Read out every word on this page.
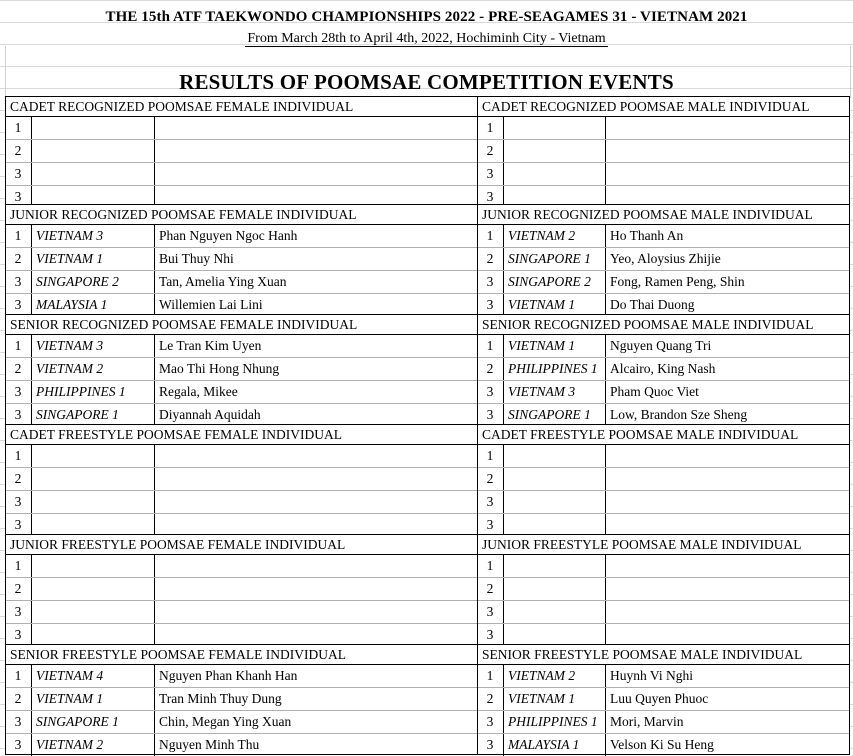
THE 15th ATF TAEKWONDO CHAMPIONSHIPS 2022 - PRE-SEAGAMES 31 - VIETNAM 2021
From March 28th to April 4th, 2022, Hochiminh City - Vietnam
RESULTS OF POOMSAE COMPETITION EVENTS
CADET RECOGNIZED POOMSAE FEMALE INDIVIDUAL
1
2
3
3
CADET RECOGNIZED POOMSAE MALE INDIVIDUAL
1
2
3
3
JUNIOR RECOGNIZED POOMSAE FEMALE INDIVIDUAL
1	VIETNAM 3	Phan Nguyen Ngoc Hanh
2	VIETNAM 1	Bui Thuy Nhi
3	SINGAPORE 2	Tan, Amelia Ying Xuan
3	MALAYSIA 1	Willemien Lai Lini
JUNIOR RECOGNIZED POOMSAE MALE INDIVIDUAL
1	VIETNAM 2	Ho Thanh An
2	SINGAPORE 1	Yeo, Aloysius Zhijie
3	SINGAPORE 2	Fong, Ramen Peng, Shin
3	VIETNAM 1	Do Thai Duong
SENIOR RECOGNIZED POOMSAE FEMALE INDIVIDUAL
1	VIETNAM 3	Le Tran Kim Uyen
2	VIETNAM 2	Mao Thi Hong Nhung
3	PHILIPPINES 1	Regala, Mikee
3	SINGAPORE 1	Diyannah Aquidah
SENIOR RECOGNIZED POOMSAE MALE INDIVIDUAL
1	VIETNAM 1	Nguyen Quang Tri
2	PHILIPPINES 1 Alcairo, King Nash
3	VIETNAM 3	Pham Quoc Viet
3	SINGAPORE 1	Low, Brandon Sze Sheng
CADET FREESTYLE POOMSAE FEMALE INDIVIDUAL
1
2
3
3
CADET FREESTYLE POOMSAE MALE INDIVIDUAL
1
2
3
3
JUNIOR FREESTYLE POOMSAE FEMALE INDIVIDUAL
1
2
3
3
JUNIOR FREESTYLE POOMSAE MALE INDIVIDUAL
1
2
3
3
SENIOR FREESTYLE POOMSAE FEMALE INDIVIDUAL
1	VIETNAM 4	Nguyen Phan Khanh Han
2	VIETNAM 1	Tran Minh Thuy Dung
3	SINGAPORE 1	Chin, Megan Ying Xuan
3	VIETNAM 2	Nguyen Minh Thu
SENIOR FREESTYLE POOMSAE MALE INDIVIDUAL
1	VIETNAM 2	Huynh Vi Nghi
2	VIETNAM 1	Luu Quyen Phuoc
3	PHILIPPINES 1 Mori, Marvin
3	MALAYSIA 1	Velson Ki Su Heng
